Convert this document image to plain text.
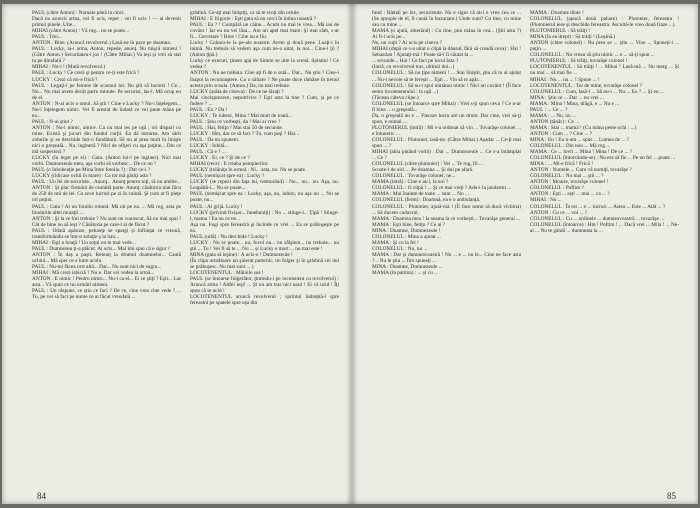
PAUL (către Anton) : Numaie până la cinci.

Dacă nu aruncii arma, vei fi ucis, repet : vei fi ucis ! — ai devenit primul pinele. Uite...

MIHAI (către Anton) : Vă rog... nu se poate...

PAUL : Trei...

ANTON : Bine. (Aruncă revolverul.) Lasă-ne în pace pe doamna.

PAUL : Lucky, ia-i arma, Anton, repede, anunţ. Nu mişcă nimeni ! (Către Anton.) Securitatea-i jos ! (Către Mihai.) Va ieşi şi vrei să stai tu pe dinafară ?

MIHAI : Nu-i ! (Mută revolverul.)

PAUL : Lucky ! Ce crezi şi pentru ce-ţi este frică ?

LUCKY : Crezi că mi-e frică ?

PAUL : Legaţi-i pe femeie de scaunul lui. Nu ştii să lucrezi ! Ce... Nu... Nu mai avem decât patru minute. Pe securist, las-l. Mă ocup eu de el.

ANTON : N-ai ucis o omul. Să ştii ! Cine e Lucky ? Nu-i înţelegem... Nu-i înţelegem nimic. Vei fi arestat de îndată ce vei pune mâna pe ea...

PAUL : N-ai ştiut ?

ANTON : Nu-i nimic, amice. Ca nu mai ies pe uşă ; ori dispari cu mine. Există şi jocuri din fundul curţii. Ea dă intrarea. Am sărit zidurile şi se deschide într-o fundătură. Să nu ai prea mult în linişte nici o greşeală... Nu, ingineră ? Nici de ofiţeri cu aşa puţine... Din ce mă suspectezi ?

LUCKY (în legat pe ei) : Gata. (Anton lui-l pe inginer). Nici mai vorbi. Dumnezeule meu, aşa vorbi să vorbesc... De ce nu ?

PAUL (o înhoheaţie pe Mina între fotoliu ?) : Dar ce-i ?

LUCKY (ridicase ochii în mare) : Ca tot mă găsiţi asta ?

PAUL : Un fel de securiste... Anunţ... Anunţ pentru toţi, să nu umble...

ANTON : Şi plac fostului de cealaltă parte. Anunţ: căsătoria mai făcu de 250 de mii de lei. Cu zece lucruri pe zi în valută. Şi cum ar fi pieţe ori puţini.

PAUL : Gata ! Ai un fotoliu rotund. Mă uit pe ea. ... Mă rog, asta pe fondurile altei mutaţii ...

ANTON : Şi la ce îmi trebuie ? Nu sunt un cunoscut. Să nu mai spui ! Cât de bine nu să ieşi ? Căsătoria pe care-l ai de făcut ?

PAUL : Odată apăruse, pehaoţe se spargi şi înfiinţat ce vreună, transformându-se într-o soluţie ş la ban...

MIHAI : Eşti o hoaţă ! Un soţul nu te mai vede...

PAUL : Dumnezeu ţi-a plăcut. Ai ucis... Mai îmi spui că e sigur ?

ANTON : În daş a paşti. Renunţ la drumul doamnelor... Caută ochiul... Mă sper ce e între acolo.

PAUL : Nu-mi făcea rost altă... Dar... Nu sunt nici de sugru...

MIHAI : Mă crezi isbiciă ? Nu e. Dar vei vedea la urmă...

ANTON : E nimic ! Pentru nimic... Nu-i ca el... Ei ce ştiţi ? Eşti... Las asta... Vă spun ce nu urmări nimeni.

PAUL : Un răspuns, ce ştiu ce faci ? De ce, cine vrea cine vede ? ... Tu, pe vei să faci pe nume ce ai făcut vreodată ...

grădină. Ce-aţi mai liniştiţi, ca să te scoţi din celule.

MIHAI : E frigorie : Eşti gata să nu cerci în inima noastră ?

PAUL : Ea ? ! Cumpără un câine... Acum nu mai te vrea... Mă iau de cuvânt ! Iar eu nu vei lăsa... Am un apel mai mare. Şi mai slab, s-ar fi... Cercetare ? Bine ! Cine nu e fiu.

Lucky ! Cobaru-le la pe-ale noastre. Avem şi două pene. Luaţi-i în inimă. Nu trebuia să vedem aşa cum ne-a uitat, la noi... Cine-l ţii ? (Anton ţipă.)

Lucky ce executi, ţinem apă de Simon se uite la scenă. Spitalul ! Ce vedea ?

ANTON : Nu ne trebuia. Cine aţi fi de o sută... Dar... Nu ştiu ? Cine-i înapoi la recunoaştere. Cu o săltare ? Ne poate duce rămâne în trenul acesta prin scoala. (Anton.) Da, nu mai trebuie.

LUCKY (arăta de cineva) : De ce ne lăsaţi ?

Mai cincisprezece, nepotrivire ? Eşti asta la tine ? Cum, şi pe ce fudere ? ...

PAUL : Eu ? Da !

LUCKY : Te iubesc, Mina ! Mai mult de toată...

PAUL : Ştiu ce vorbeşti, da ! Mai ai vreo ?

PAUL : Hai, fetiţo ! Mai stai 50 de secunde.

LUCKY : Hm, dar ce să faci ? Tu, cum poţi ? Hai...

PAUL : Da nu spunem.

LUCKY : Iubită...

PAUL : Că e ? ...

LUCKY : Ei, ce ? Şi de ce ?

MIHAI (rece) : E treaba pompierilor.

LUCKY (tolăniţa în urma) : Ni... asta, no. Nu se poate.

PAUL (nemişcat spre ea) : Lucky ?

LUCKY (se repezi din fața lui, tremurând) : Nu... nu... nu. Aşa, nu. Leapădă-l... Nu se poate...

PAUL (nemişcat spre ea : Lucky, aşa, nu, iubito, nu aşa nu ... Nu se poate, nu...

PAUL : Ai grijă. Lucky !

LUCKY (privind fixişor... înnebuniţi) : No ... stinge-l... Ţipă ! Stinge-l, mama ! Ea nu ce ne...

Aşa nu. Fugi spre fereastră şi încinde ce vrei ... Ea se prăbuşeşte pe ea.

PAUL (urlă) : Nu deschide ! Lucky !

LUCKY : Nu se poate... nu, focul nu... nu sfâşiem... nu trebuie... nu ştii ... Tu ! Vei fi să te ... Nu ... şi Lucky e mort ... nu mai este !

MINA (gata să leşine) : A ucis-o ! Dumnezeule !

(În clipa următoare un şuierat puternic, un fulger şi în grădină cei doi se prăbuşesc. Nu mai sunt ... )

LOCOTENENTUL : Mâinile sus !

PAUL (se întoarse fulgerător, ţintindu-i pe locotenent cu revolverul) : Aruncă arma ! Altfel ieşi! ... Şi nu am tras nici unul ! Ei vă ucid ! Îţi spun că te ucid !

LOCOTENENTUL aruncă revolverul ; sprintul îndreptă-l spre fereastră pe spatele spre ușa din

84

fund : Rămâi pe loc, securistule. Nu e sigur că aici e vreo cea ce ... (Se apropie de el, îl caută în buzunare.) Unde sunt? Cu tine, cu mine sau cu mine ...

MAMA (o ajută, zbierând) : Cu tine, pun mâna în cea... (Ştii asta ?) Ai fi-l ucis pe...

Nu, un cuţit ? Ai ucis pe cineva ?

MIHAI (după ce s-a uitat o clipă la dânsul, fără să creadă ceva) : Hai ! Sebastian ! Ajutaţi-mă ! Poate să-l fi căutat la ...

... secunde... Hai ! Ce faci pe locul ăsta ?

(Intră, cu revolverul tras, ultimii doi...)

COLONELUL : Să nu ţipe nimeni ! ... Stai liniştit, ştiu că tu ai ajutat ... Nu-i nevoie să te fereşti ... Eşti ... Vin să te apăr...

COLONELUL : Să nu-i spui nimănui nimic ! Nici un cuvânt ! (Îi face semn locotenentului : la uşă ...)

(Tăceau câteva clipe.)

COLONELUL (se întoarce spre Mihai) : Vrei s-ţi spun ceva ? Ce n-ar fi bine ... o greşeală...

Da, o greşeală nu e ... Fiecare lucru are un drum. Dar cine, vrei să-ţi spun, e numai ...

PLUTONIERUL (intră) : Mi s-a ordonat să vin ... Tovarăşe colonel ... e întuneric ...

COLONELUL : Plutonier, lasă-ne. (Către Mihai.) Aşadar ... Ce-ţi mai spun ... ?

MIHAI (abia putând vorbi) : Dar ... Dumnezeule ... Ce s-a întâmplat ... Ce ?

COLONELUL (către plutonier) : Vei ... Te rog, fii ...

Scoate-l de aici ... Pe doamna ... Şi doi pe afară.

COLONELUL : Tovarăşe colonel, ne...

MAMA (intră) : Cine e aici, la noi ?

COLONELUL : O clipă ! ... Şi ce mai vreţi ? Adu-i la jandarmi ...

MAMA : Mai înainte de toate ... sunt ... Nu ...

COLONELUL (ferm) : Doamnă, ea e o ambulanţă.

COLONELUL : Plutonier, ajută-mă ! (Îi face semn să ducă victima) ... Să ducem cadavrul.

MAMA : Doamna mea ! Ia seama la ce vorbeşti... Tovarăşe general ...

MAMA : Eşti bine, fetiţo ? Ce ai ?

MINA : Doamne, Dumnezeule !

COLONELUL : Mina a ajutat ...

MAMA : Şi cu la fel !

COLONELUL : Nu, nu ...

MAMA : Dar şi dumneavoastră ! Nu ... e ... nu le... Cine ne face asta ?... Nu le ştiu ... Îmi spuneţi ...

MINA : Doamne, Dumnezeule ...

MAMA (în patima) : ... şi cu ...

MAMA : Doamne dinte !

COLONELUL (apucă două pahare) : Plutonier, fereastra ! (Plutonierul iese şi deschide fereastra. Ascultă-le vreo două fraze ...)

PLUTONIERUL : Să trăiţi !

MINA (în ea drept) : Să trăiţi ! (Leşină.)

ANTON (către colonel) : Nu prea se ... ştiu ... Vine ... Spuneţi-i ... puţin ...

COLONELUL : Nu vreau să ştiu nimic ... e ... să-ţi spun ...

PLUTONIERUL : Să trăiţi, tovarăşe colonel !

LOCOTENENTUL : Să trăiţi ! ... Mihai ! Lasă-mă ... Nu merg ... Şi nu mai ... să mai fie ...

MIHAI : Nu ... nu ... ! Spune ... !

LOCOTENENTUL : Tot de mine, tovarăşe colonel ?

COLONELUL : Cum, lasă-l ... Să nu-i ... Nu ... Eu ? ... Şi eu ...

MINA : Ştiu ce ... Dar ... nu vrei ...

MAMA : Mina ! Mina, drăgă, e ... Nu e ...

PAUL : ... Ce ... ?

MAMA : ... Nu, nu ...

ANTON (tânăr) : Ce ...

MAMA : Stai ... mamă ! (Cu mâna peste ochi : ...)

ANTON : Cum ... ? Cine ... ?

MINA : Eu ! Eu n-am ... spus ... Lumea de ... ?

COLONELUL : Din nou ... Mă rog ...

MAMA : Ce ... lovit ... Mina ! Mina ! De ce ... ?

COLONELUL (întorcându-se) : Nu era să fie ... Pe un fel ... poate ...

MINA : ... Mi-e frică ! Frică !

ANTON : Numele ... Cum vă numiţi, tovarăşe ?

COLONELUL : Nu mai ... ştii ... ?

ANTON : Moarte, tovarăşe colonel !

COLONELUL : Poftim ?

ANTON : Eşti ... eşti ... mai ... ca ... ?

MIHAI : Nu ...

COLONELUL : În tot ... e ... lucruri ... Astea ... Este ... Atât ... ?

ANTON : Cu ce ... voi ... ?

COLONELUL : Cu ... ordinele ... dumneavoastră ... tovarăşe ...

COLONELUL (întoarce) : Hm ! Poftim ! ... Dacă vrei ... Mila ! ... Ne-ai ... Nu te gândi ... dumneata la ...

85
